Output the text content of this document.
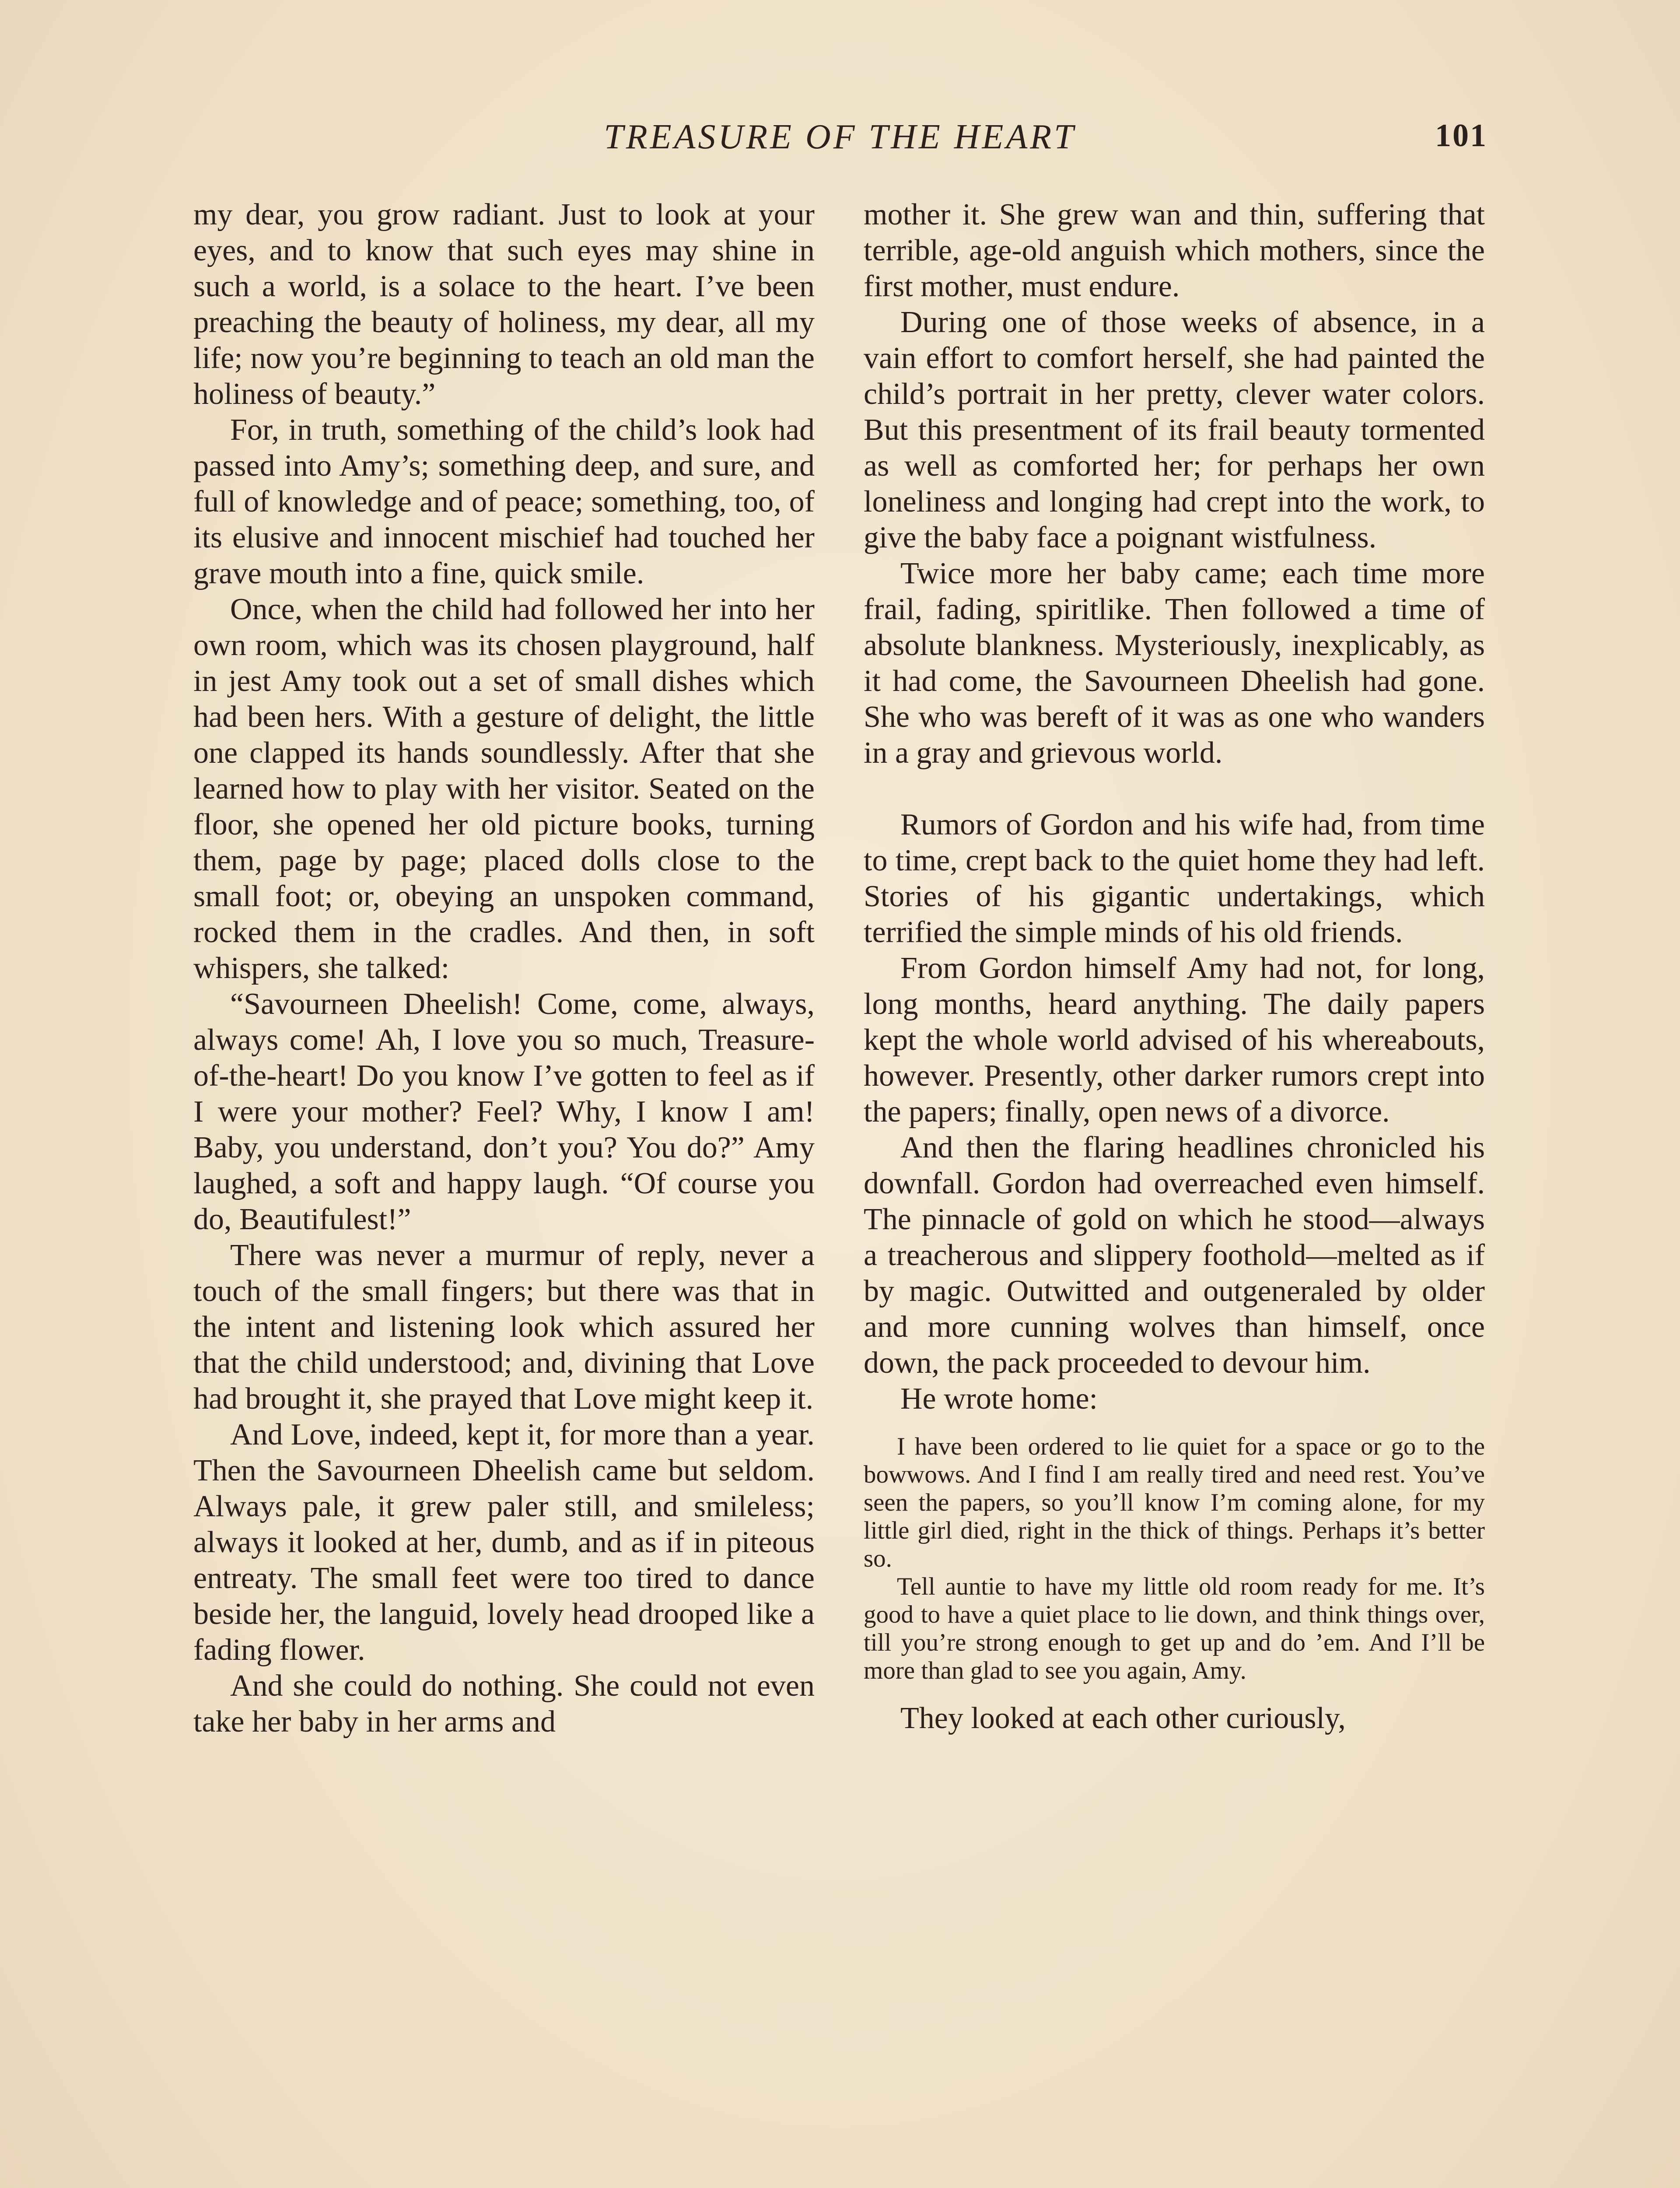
TREASURE OF THE HEART	101

my dear, you grow radiant. Just to look at your eyes, and to know that such eyes may shine in such a world, is a solace to the heart. I’ve been preaching the beauty of holiness, my dear, all my life; now you’re beginning to teach an old man the holiness of beauty.”

For, in truth, something of the child’s look had passed into Amy’s; something deep, and sure, and full of knowledge and of peace; something, too, of its elusive and innocent mischief had touched her grave mouth into a fine, quick smile.

Once, when the child had followed her into her own room, which was its chosen playground, half in jest Amy took out a set of small dishes which had been hers. With a gesture of delight, the little one clapped its hands soundlessly. After that she learned how to play with her visitor. Seated on the floor, she opened her old picture books, turning them, page by page; placed dolls close to the small foot; or, obeying an unspoken command, rocked them in the cradles. And then, in soft whispers, she talked:

“Savourneen Dheelish! Come, come, always, always come! Ah, I love you so much, Treasure-of-the-heart! Do you know I’ve gotten to feel as if I were your mother? Feel? Why, I know I am! Baby, you understand, don’t you? You do?” Amy laughed, a soft and happy laugh. “Of course you do, Beautifulest!”

There was never a murmur of reply, never a touch of the small fingers; but there was that in the intent and listening look which assured her that the child understood; and, divining that Love had brought it, she prayed that Love might keep it.

And Love, indeed, kept it, for more than a year. Then the Savourneen Dheelish came but seldom. Always pale, it grew paler still, and smileless; always it looked at her, dumb, and as if in piteous entreaty. The small feet were too tired to dance beside her, the languid, lovely head drooped like a fading flower.

And she could do nothing. She could not even take her baby in her arms and

mother it. She grew wan and thin, suffering that terrible, age-old anguish which mothers, since the first mother, must endure.

During one of those weeks of absence, in a vain effort to comfort herself, she had painted the child’s portrait in her pretty, clever water colors. But this presentment of its frail beauty tormented as well as comforted her; for perhaps her own loneliness and longing had crept into the work, to give the baby face a poignant wistfulness.

Twice more her baby came; each time more frail, fading, spiritlike. Then followed a time of absolute blankness. Mysteriously, inexplicably, as it had come, the Savourneen Dheelish had gone. She who was bereft of it was as one who wanders in a gray and grievous world.

Rumors of Gordon and his wife had, from time to time, crept back to the quiet home they had left. Stories of his gigantic undertakings, which terrified the simple minds of his old friends.

From Gordon himself Amy had not, for long, long months, heard anything. The daily papers kept the whole world advised of his whereabouts, however. Presently, other darker rumors crept into the papers; finally, open news of a divorce.

And then the flaring headlines chronicled his downfall. Gordon had overreached even himself. The pinnacle of gold on which he stood—always a treacherous and slippery foothold—melted as if by magic. Outwitted and outgeneraled by older and more cunning wolves than himself, once down, the pack proceeded to devour him.

He wrote home:

I have been ordered to lie quiet for a space or go to the bowwows. And I find I am really tired and need rest. You’ve seen the papers, so you’ll know I’m coming alone, for my little girl died, right in the thick of things. Perhaps it’s better so.

Tell auntie to have my little old room ready for me. It’s good to have a quiet place to lie down, and think things over, till you’re strong enough to get up and do ’em. And I’ll be more than glad to see you again, Amy.

They looked at each other curiously,
